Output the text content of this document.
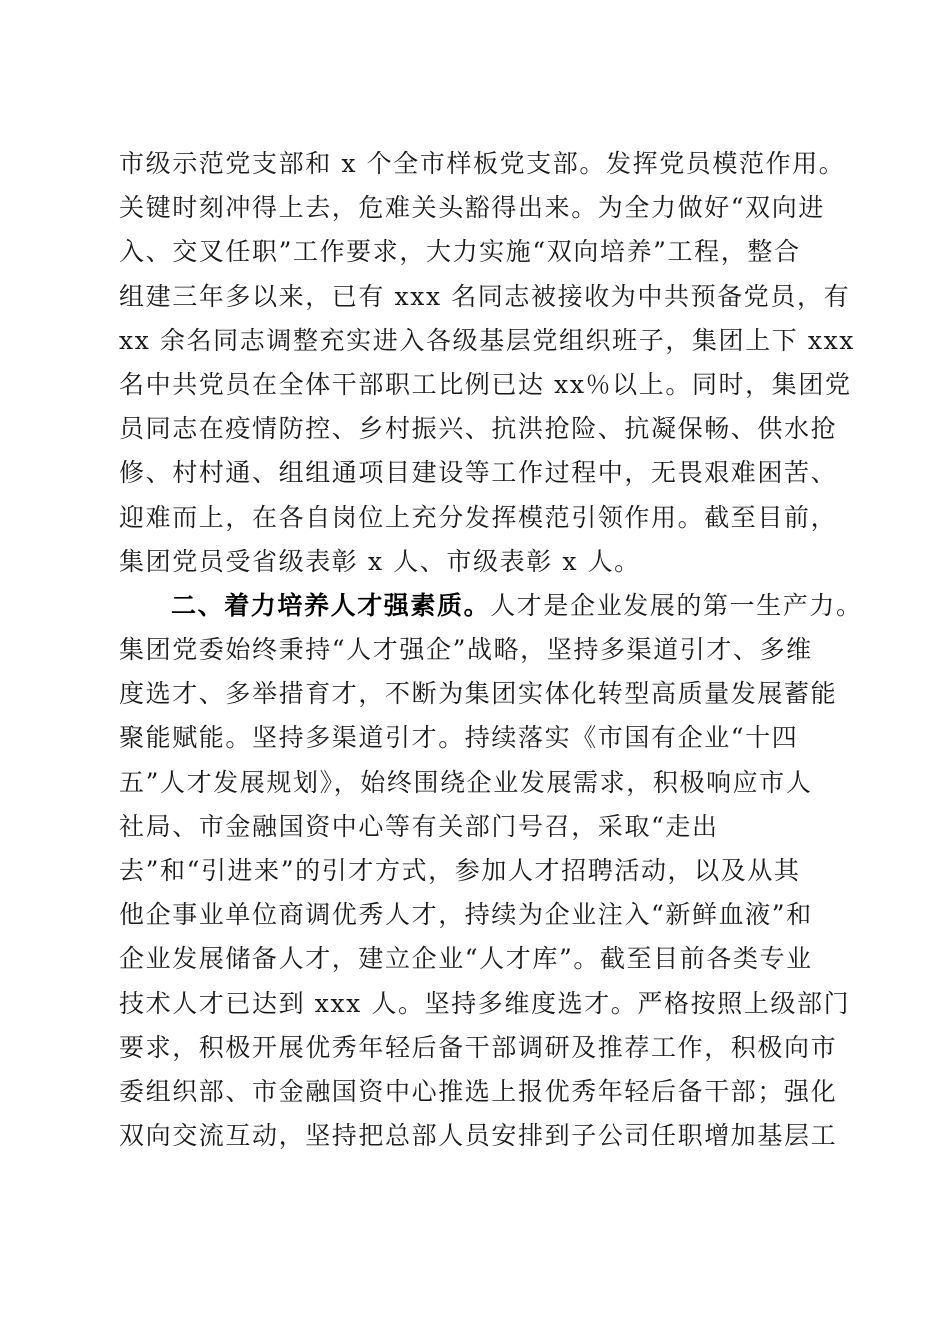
市级示范党支部和 x 个全市样板党支部。发挥党员模范作用。
关键时刻冲得上去，危难关头豁得出来。为全力做好“双向进
入、交叉任职”工作要求，大力实施“双向培养”工程，整合
组建三年多以来，已有 xxx 名同志被接收为中共预备党员，有
xx 余名同志调整充实进入各级基层党组织班子，集团上下 xxx
名中共党员在全体干部职工比例已达 xx％以上。同时，集团党
员同志在疫情防控、乡村振兴、抗洪抢险、抗凝保畅、供水抢
修、村村通、组组通项目建设等工作过程中，无畏艰难困苦、
迎难而上，在各自岗位上充分发挥模范引领作用。截至目前，
集团党员受省级表彰 x 人、市级表彰 x 人。
二、着力培养人才强素质。人才是企业发展的第一生产力。
集团党委始终秉持“人才强企”战略，坚持多渠道引才、多维
度选才、多举措育才，不断为集团实体化转型高质量发展蓄能
聚能赋能。坚持多渠道引才。持续落实《市国有企业“十四
五”人才发展规划》，始终围绕企业发展需求，积极响应市人
社局、市金融国资中心等有关部门号召，采取“走出
去”和“引进来”的引才方式，参加人才招聘活动，以及从其
他企事业单位商调优秀人才，持续为企业注入“新鲜血液”和
企业发展储备人才，建立企业“人才库”。截至目前各类专业
技术人才已达到 xxx 人。坚持多维度选才。严格按照上级部门
要求，积极开展优秀年轻后备干部调研及推荐工作，积极向市
委组织部、市金融国资中心推选上报优秀年轻后备干部；强化
双向交流互动，坚持把总部人员安排到子公司任职增加基层工
